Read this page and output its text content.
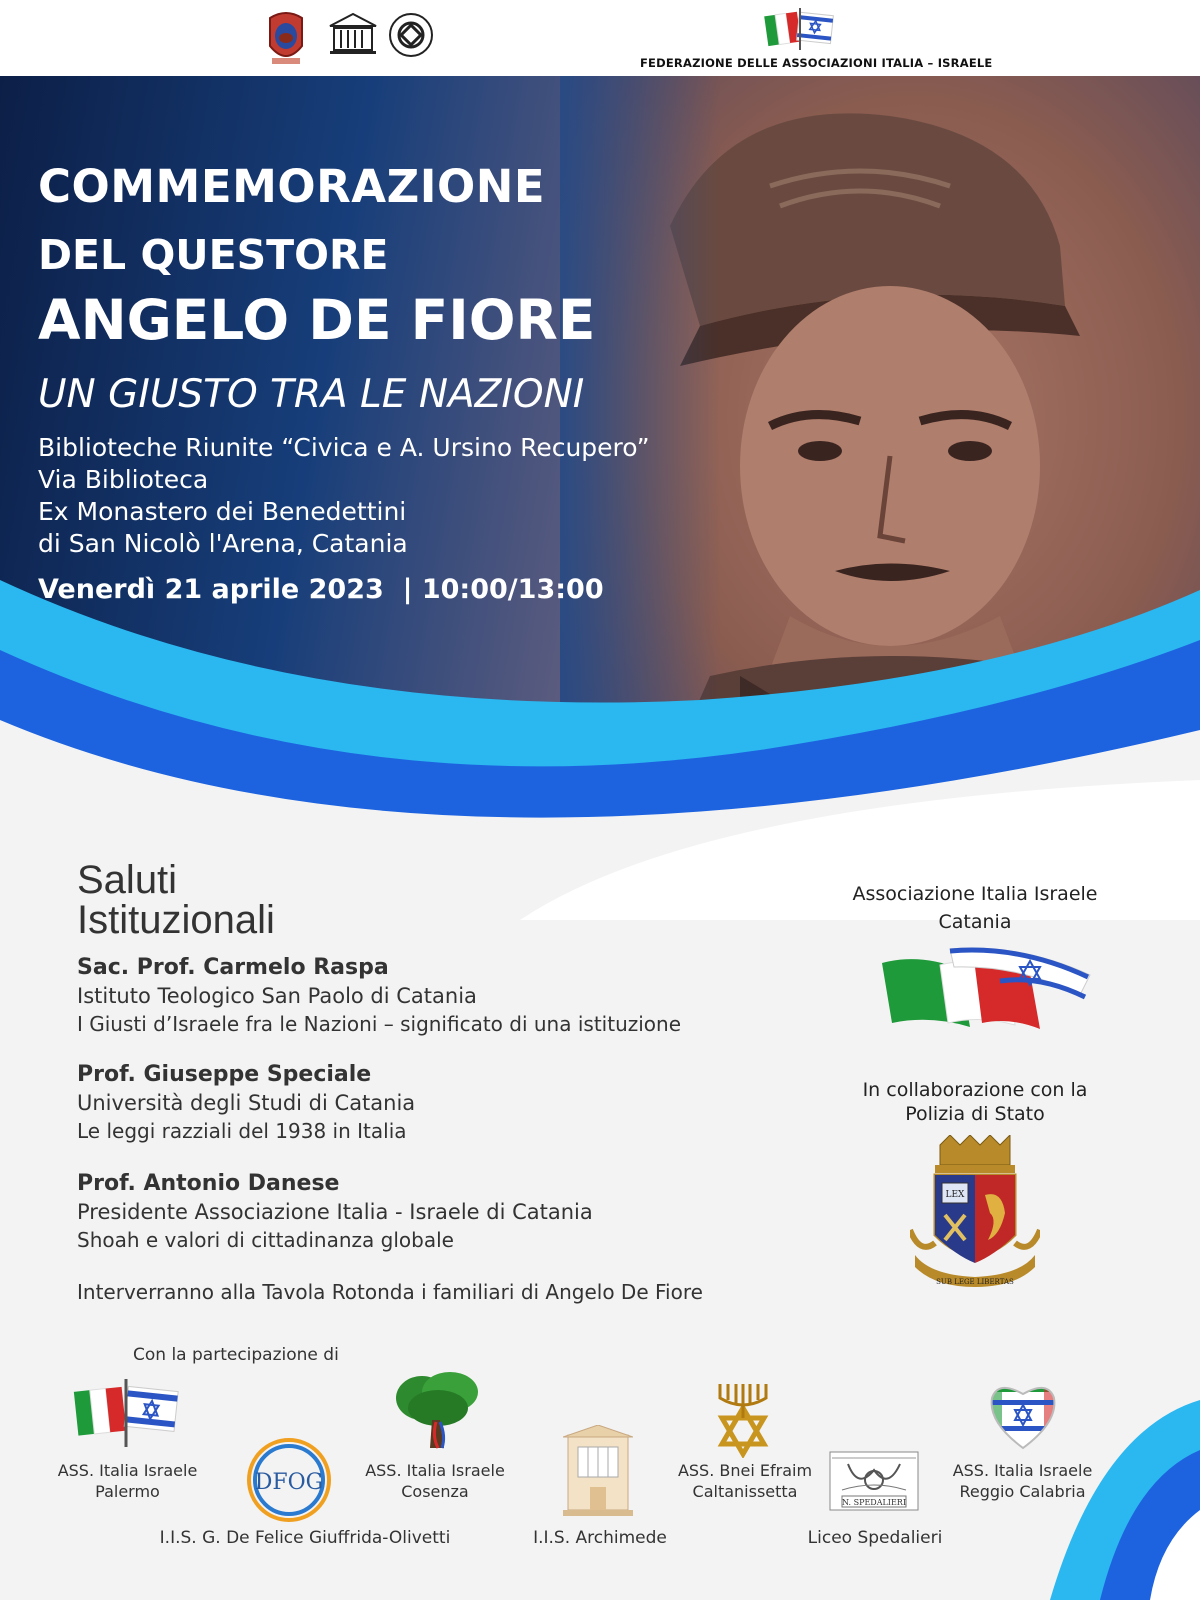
FEDERAZIONE DELLE ASSOCIAZIONI ITALIA – ISRAELE
COMMEMORAZIONE
DEL QUESTORE
ANGELO DE FIORE
UN GIUSTO TRA LE NAZIONI
Biblioteche Riunite “Civica e A. Ursino Recupero”
Via Biblioteca
Ex Monastero dei Benedettini
di San Nicolò l'Arena, Catania
Venerdì 21 aprile 2023 | 10:00/13:00
Saluti
Istituzionali
Sac. Prof. Carmelo Raspa
Istituto Teologico San Paolo di Catania
I Giusti d’Israele fra le Nazioni – significato di una istituzione
Prof. Giuseppe Speciale
Università degli Studi di Catania
Le leggi razziali del 1938 in Italia
Prof. Antonio Danese
Presidente Associazione Italia - Israele di Catania
Shoah e valori di cittadinanza globale
Interverranno alla Tavola Rotonda i familiari di Angelo De Fiore
Associazione Italia Israele
Catania
In collaborazione con la
Polizia di Stato
LEX
SUB LEGE LIBERTAS
Con la partecipazione di
ASS. Italia Israele
Palermo	DFOG
I.I.S. G. De Felice Giuffrida-Olivetti
ASS. Italia Israele
Cosenza
I.I.S. Archimede
ASS. Bnei Efraim
Caltanissetta
N. SPEDALIERI
Liceo Spedalieri
ASS. Italia Israele
Reggio Calabria
